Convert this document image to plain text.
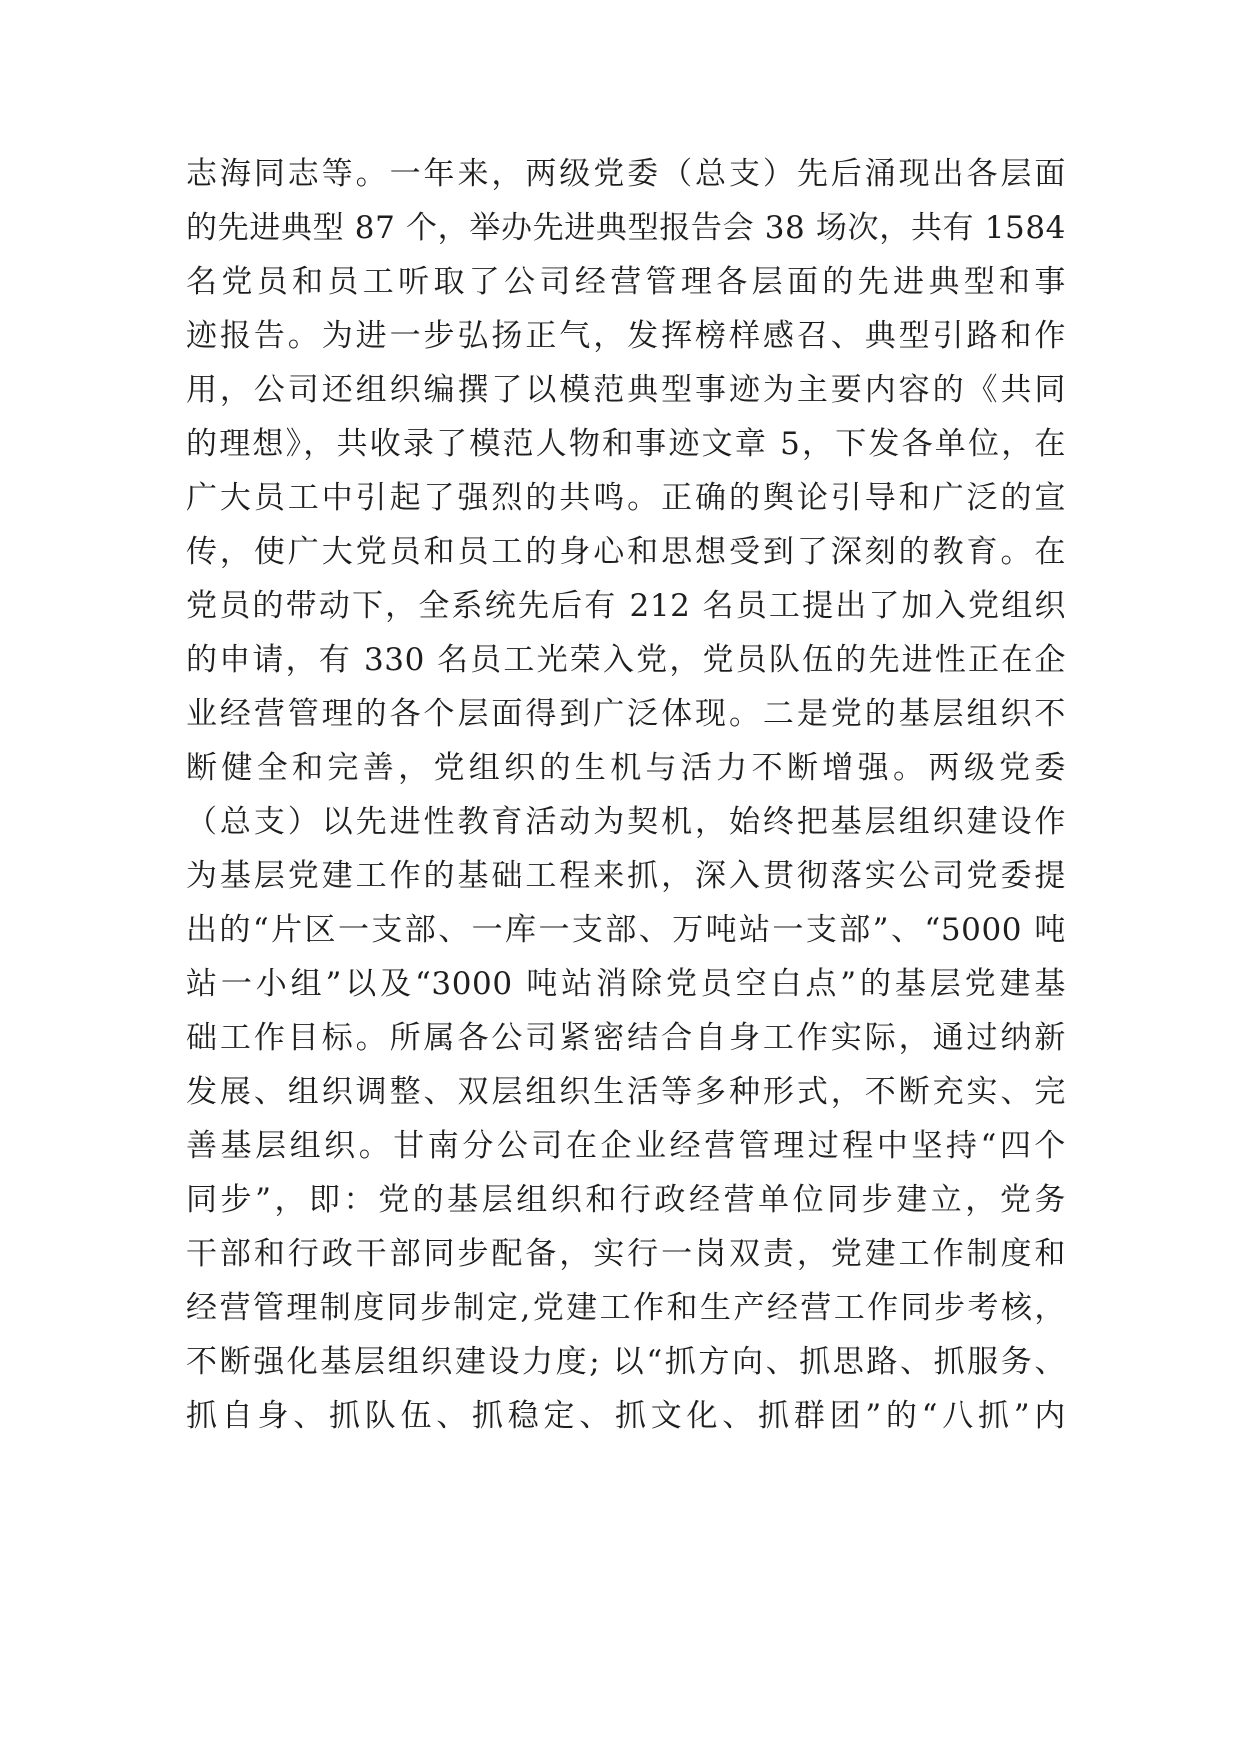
志海同志等。一年来，两级党委（总支）先后涌现出各层面
的先进典型 87 个，举办先进典型报告会 38 场次，共有 1584
名党员和员工听取了公司经营管理各层面的先进典型和事
迹报告。为进一步弘扬正气，发挥榜样感召、典型引路和作
用，公司还组织编撰了以模范典型事迹为主要内容的《共同
的理想》，共收录了模范人物和事迹文章 5，下发各单位，在
广大员工中引起了强烈的共鸣。正确的舆论引导和广泛的宣
传，使广大党员和员工的身心和思想受到了深刻的教育。在
党员的带动下，全系统先后有 212 名员工提出了加入党组织
的申请，有 330 名员工光荣入党，党员队伍的先进性正在企
业经营管理的各个层面得到广泛体现。二是党的基层组织不
断健全和完善，党组织的生机与活力不断增强。两级党委
（总支）以先进性教育活动为契机，始终把基层组织建设作
为基层党建工作的基础工程来抓，深入贯彻落实公司党委提
出的“片区一支部、一库一支部、万吨站一支部”、“5000 吨
站一小组”以及“3000 吨站消除党员空白点”的基层党建基
础工作目标。所属各公司紧密结合自身工作实际，通过纳新
发展、组织调整、双层组织生活等多种形式，不断充实、完
善基层组织。甘南分公司在企业经营管理过程中坚持“四个
同步”，即：党的基层组织和行政经营单位同步建立，党务
干部和行政干部同步配备，实行一岗双责，党建工作制度和
经营管理制度同步制定,党建工作和生产经营工作同步考核，
不断强化基层组织建设力度; 以“抓方向、抓思路、抓服务、
抓自身、抓队伍、抓稳定、抓文化、抓群团”的“八抓”内
